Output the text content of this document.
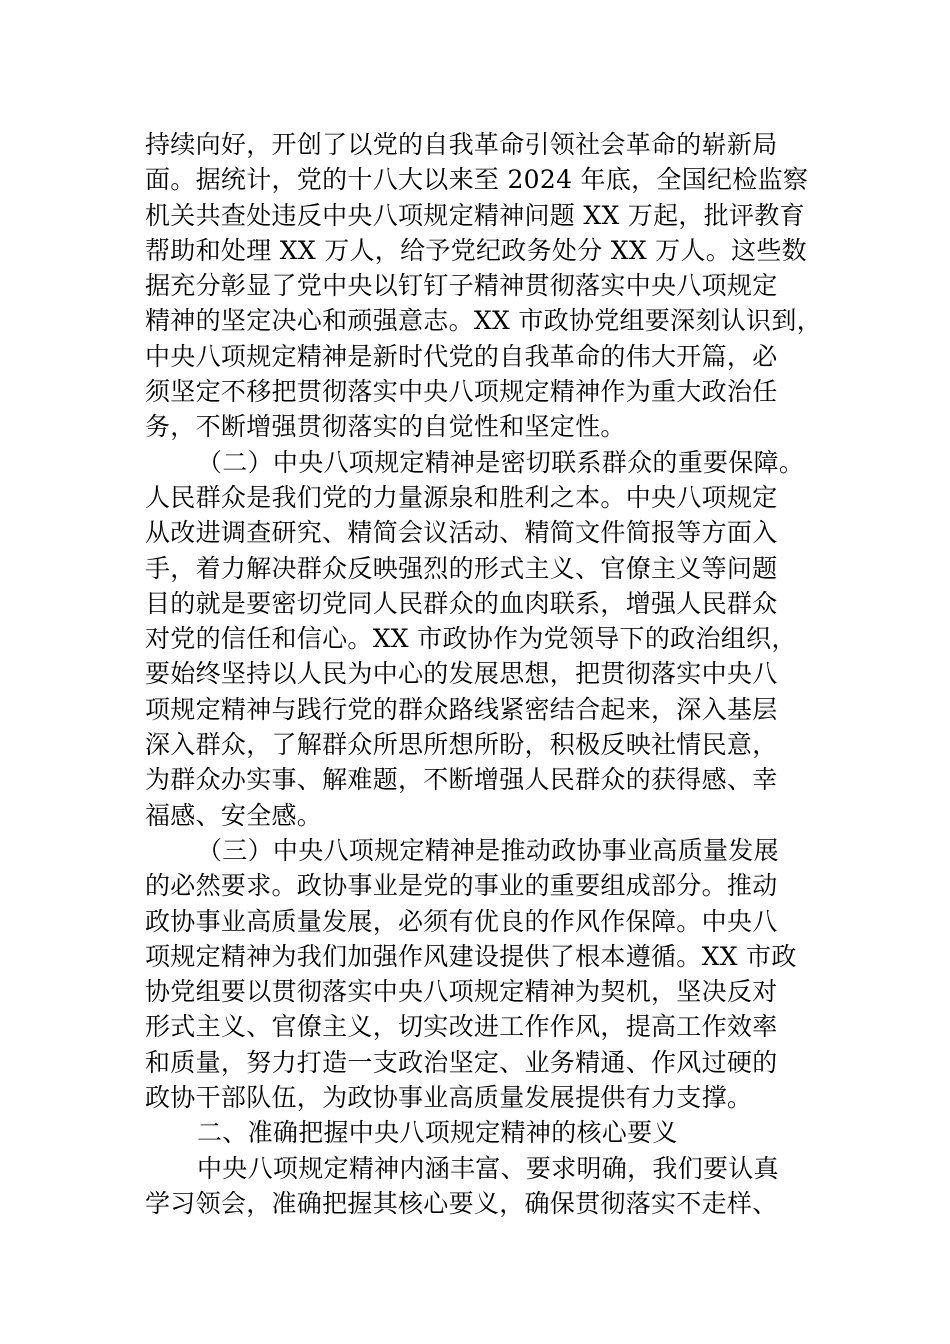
持续向好，开创了以党的自我革命引领社会革命的崭新局
面。据统计，党的十八大以来至 2024 年底，全国纪检监察
机关共查处违反中央八项规定精神问题 XX 万起，批评教育
帮助和处理 XX 万人，给予党纪政务处分 XX 万人。这些数
据充分彰显了党中央以钉钉子精神贯彻落实中央八项规定
精神的坚定决心和顽强意志。XX 市政协党组要深刻认识到，
中央八项规定精神是新时代党的自我革命的伟大开篇，必
须坚定不移把贯彻落实中央八项规定精神作为重大政治任
务，不断增强贯彻落实的自觉性和坚定性。
（二）中央八项规定精神是密切联系群众的重要保障。
人民群众是我们党的力量源泉和胜利之本。中央八项规定
从改进调查研究、精简会议活动、精简文件简报等方面入
手，着力解决群众反映强烈的形式主义、官僚主义等问题
目的就是要密切党同人民群众的血肉联系，增强人民群众
对党的信任和信心。XX 市政协作为党领导下的政治组织，
要始终坚持以人民为中心的发展思想，把贯彻落实中央八
项规定精神与践行党的群众路线紧密结合起来，深入基层
深入群众，了解群众所思所想所盼，积极反映社情民意，
为群众办实事、解难题，不断增强人民群众的获得感、幸
福感、安全感。
（三）中央八项规定精神是推动政协事业高质量发展
的必然要求。政协事业是党的事业的重要组成部分。推动
政协事业高质量发展，必须有优良的作风作保障。中央八
项规定精神为我们加强作风建设提供了根本遵循。XX 市政
协党组要以贯彻落实中央八项规定精神为契机，坚决反对
形式主义、官僚主义，切实改进工作作风，提高工作效率
和质量，努力打造一支政治坚定、业务精通、作风过硬的
政协干部队伍，为政协事业高质量发展提供有力支撑。
二、准确把握中央八项规定精神的核心要义
中央八项规定精神内涵丰富、要求明确，我们要认真
学习领会，准确把握其核心要义，确保贯彻落实不走样、
